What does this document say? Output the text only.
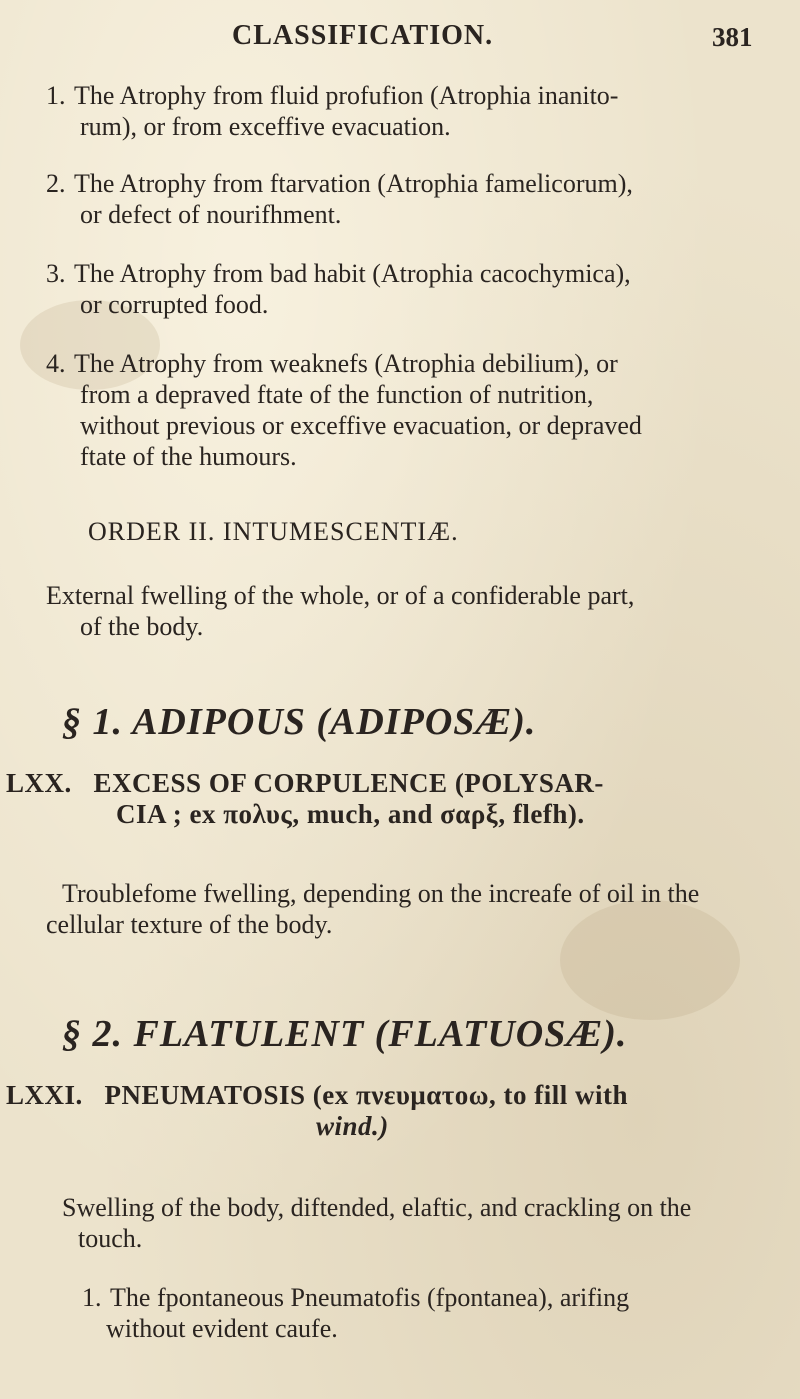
CLASSIFICATION.	381
1. The Atrophy from fluid profufion (Atrophia inanito-
rum), or from exceffive evacuation.
2. The Atrophy from ftarvation (Atrophia famelicorum),
or defect of nourifhment.
3. The Atrophy from bad habit (Atrophia cacochymica),
or corrupted food.
4. The Atrophy from weaknefs (Atrophia debilium), or
from a depraved ftate of the function of nutrition,
without previous or exceffive evacuation, or depraved
ftate of the humours.
ORDER II. INTUMESCENTIÆ.
External fwelling of the whole, or of a confiderable part,
of the body.
§ 1. ADIPOUS (ADIPOSÆ).
LXX. EXCESS OF CORPULENCE (POLYSAR-
CIA ; ex πολυς, much, and σαρξ, flefh).
Troublefome fwelling, depending on the increafe of oil in the
cellular texture of the body.
§ 2. FLATULENT (FLATUOSÆ).
LXXI. PNEUMATOSIS (ex πνευματοω, to fill with
wind.)
Swelling of the body, diftended, elaftic, and crackling on the
touch.
1. The fpontaneous Pneumatofis (fpontanea), arifing
without evident caufe.
